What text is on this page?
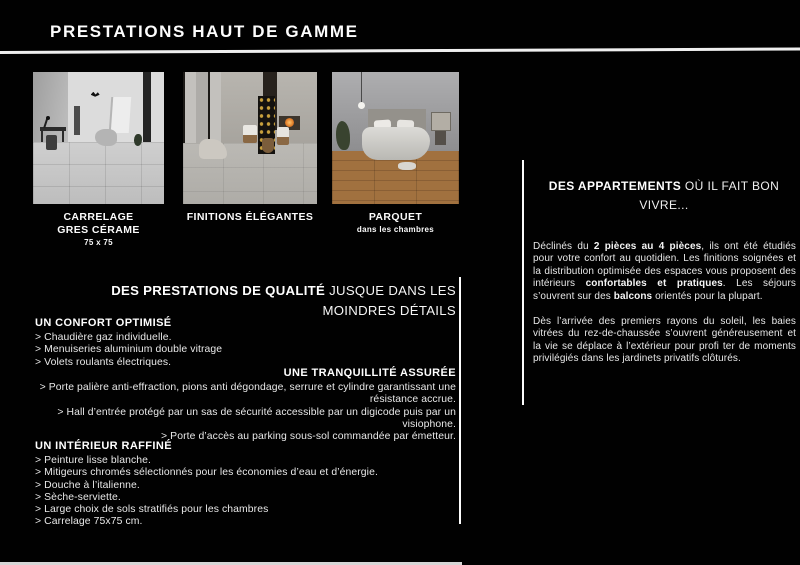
PRESTATIONS HAUT DE GAMME
CARRELAGE
GRES CÉRAME
75 x 75
FINITIONS ÉLÉGANTES	PARQUET
dans les chambres
DES PRESTATIONS DE QUALITÉ JUSQUE DANS LES MOINDRES DÉTAILS

UN CONFORT OPTIMISÉ

> Chaudière gaz individuelle.
> Menuiseries aluminium double vitrage
> Volets roulants électriques.

UNE TRANQUILLITÉ ASSURÉE

> Porte palière anti-effraction, pions anti dégondage, serrure et cylindre garantissant une résistance accrue.
> Hall d’entrée protégé par un sas de sécurité accessible par un digicode puis par un visiophone.
> Porte d’accès au parking sous-sol commandée par émetteur.

UN INTÉRIEUR RAFFINÉ

> Peinture lisse blanche.
> Mitigeurs chromés sélectionnés pour les économies d’eau et d’énergie.
> Douche à l’italienne.
> Sèche-serviette.
> Large choix de sols stratifiés pour les chambres
> Carrelage 75x75 cm.
DES APPARTEMENTS OÙ IL FAIT BON VIVRE...

Déclinés du 2 pièces au 4 pièces, ils ont été étudiés pour votre confort au quotidien. Les finitions soignées et la distribution optimisée des espaces vous proposent des intérieurs confortables et pratiques. Les séjours s’ouvrent sur des balcons orientés pour la plupart.

Dès l’arrivée des premiers rayons du soleil, les baies vitrées du rez-de-chaussée s’ouvrent généreusement et la vie se déplace à l’extérieur pour profi ter de moments privilégiés dans les jardinets privatifs clôturés.
